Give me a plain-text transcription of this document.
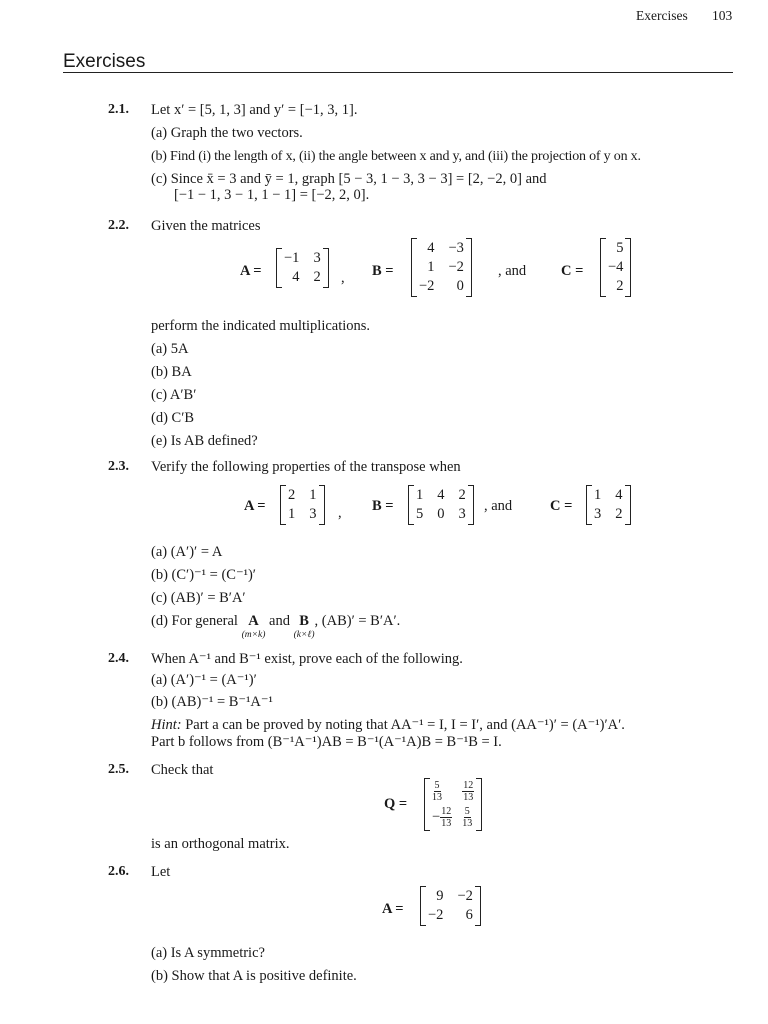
Exercises 103
Exercises
2.1. Let x′ = [5, 1, 3] and y′ = [−1, 3, 1].
(a) Graph the two vectors.
(b) Find (i) the length of x, (ii) the angle between x and y, and (iii) the projection of y on x.
(c) Since x̄ = 3 and ȳ = 1, graph [5 − 3, 1 − 3, 3 − 3] = [2, −2, 0] and
[−1 − 1, 3 − 1, 1 − 1] = [−2, 2, 0].
2.2. Given the matrices
A =
−1 3
4 2 , B =
4 −3
1 −2
−2	0
, and C =
5
−4
2
perform the indicated multiplications.
(a) 5A
(b) BA
(c) A′B′
(d) C′B
(e) Is AB defined?
2.3. Verify the following properties of the transpose when
A =
2 1
1 3 , B =
1 4 2
5 0 3 , and	C =
1 4
3 2
(a) (A′)′ = A
(b) (C′)⁻¹ = (C⁻¹)′
(c) (AB)′ = B′A′
(d) For general A
(m×k)
and B
(k×ℓ)
, (AB)′ = B′A′.
2.4. When A⁻¹ and B⁻¹ exist, prove each of the following.
(a) (A′)⁻¹ = (A⁻¹)′
(b) (AB)⁻¹ = B⁻¹A⁻¹
Hint: Part a can be proved by noting that AA⁻¹ = I, I = I′, and (AA⁻¹)′ = (A⁻¹)′A′.
Part b follows from (B⁻¹A⁻¹)AB = B⁻¹(A⁻¹A)B = B⁻¹B = I.
2.5. Check that
Q =
$\frac{5}{13} \frac{12}{13}$
− $\frac{12}{13} \frac{5}{13}$
is an orthogonal matrix.
2.6. Let
A =
9 −2
−2	6
(a) Is A symmetric?
(b) Show that A is positive definite.
